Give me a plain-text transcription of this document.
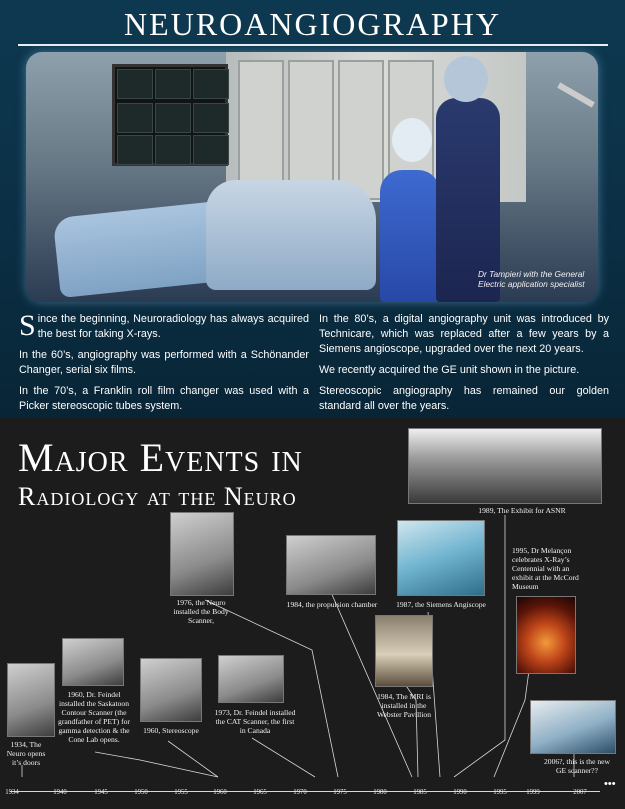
NEUROANGIOGRAPHY
Dr Tampieri with the General Electric application specialist

Since the beginning, Neuroradiology has always acquired the best for taking X-rays.

In the 60’s, angiography was performed with a Schönander Changer, serial six films.

In the 70’s, a Franklin roll film changer was used with a Picker stereoscopic tubes system.

In the 80’s, a digital angiography unit was introduced by Technicare, which was replaced after a few years by a Siemens angioscope, upgraded over the next 20 years.

We recently acquired the GE unit shown in the picture.

Stereoscopic angiography has remained our golden standard all over the years.

Major Events in
Radiology at the Neuro
1934, The Neuro opens it’s doors
1960, Dr. Feindel installed the Saskatoon Contour Scanner (the grandfather of PET) for gamma detection & the Cone Lab opens.
1960, Stereoscope
1973, Dr. Feindel installed the CAT Scanner, the first in Canada
1976, the Neuro installed the Body Scanner,
1984, the propulsion chamber
1984, The MRI is installed in the Webster Pavillion
1987, the Siemens Angiscope
1989, The Exhibit for ASNR
1995, Dr Melançon celebrates X-Ray’s Centennial with an exhibit at the McCord Museum
2006?, this is the new GE scanner??
1934	1940	1945	1950	1955	1960	1965	1970	1975	1980	1985	1990	1995	1999	2007
•••
